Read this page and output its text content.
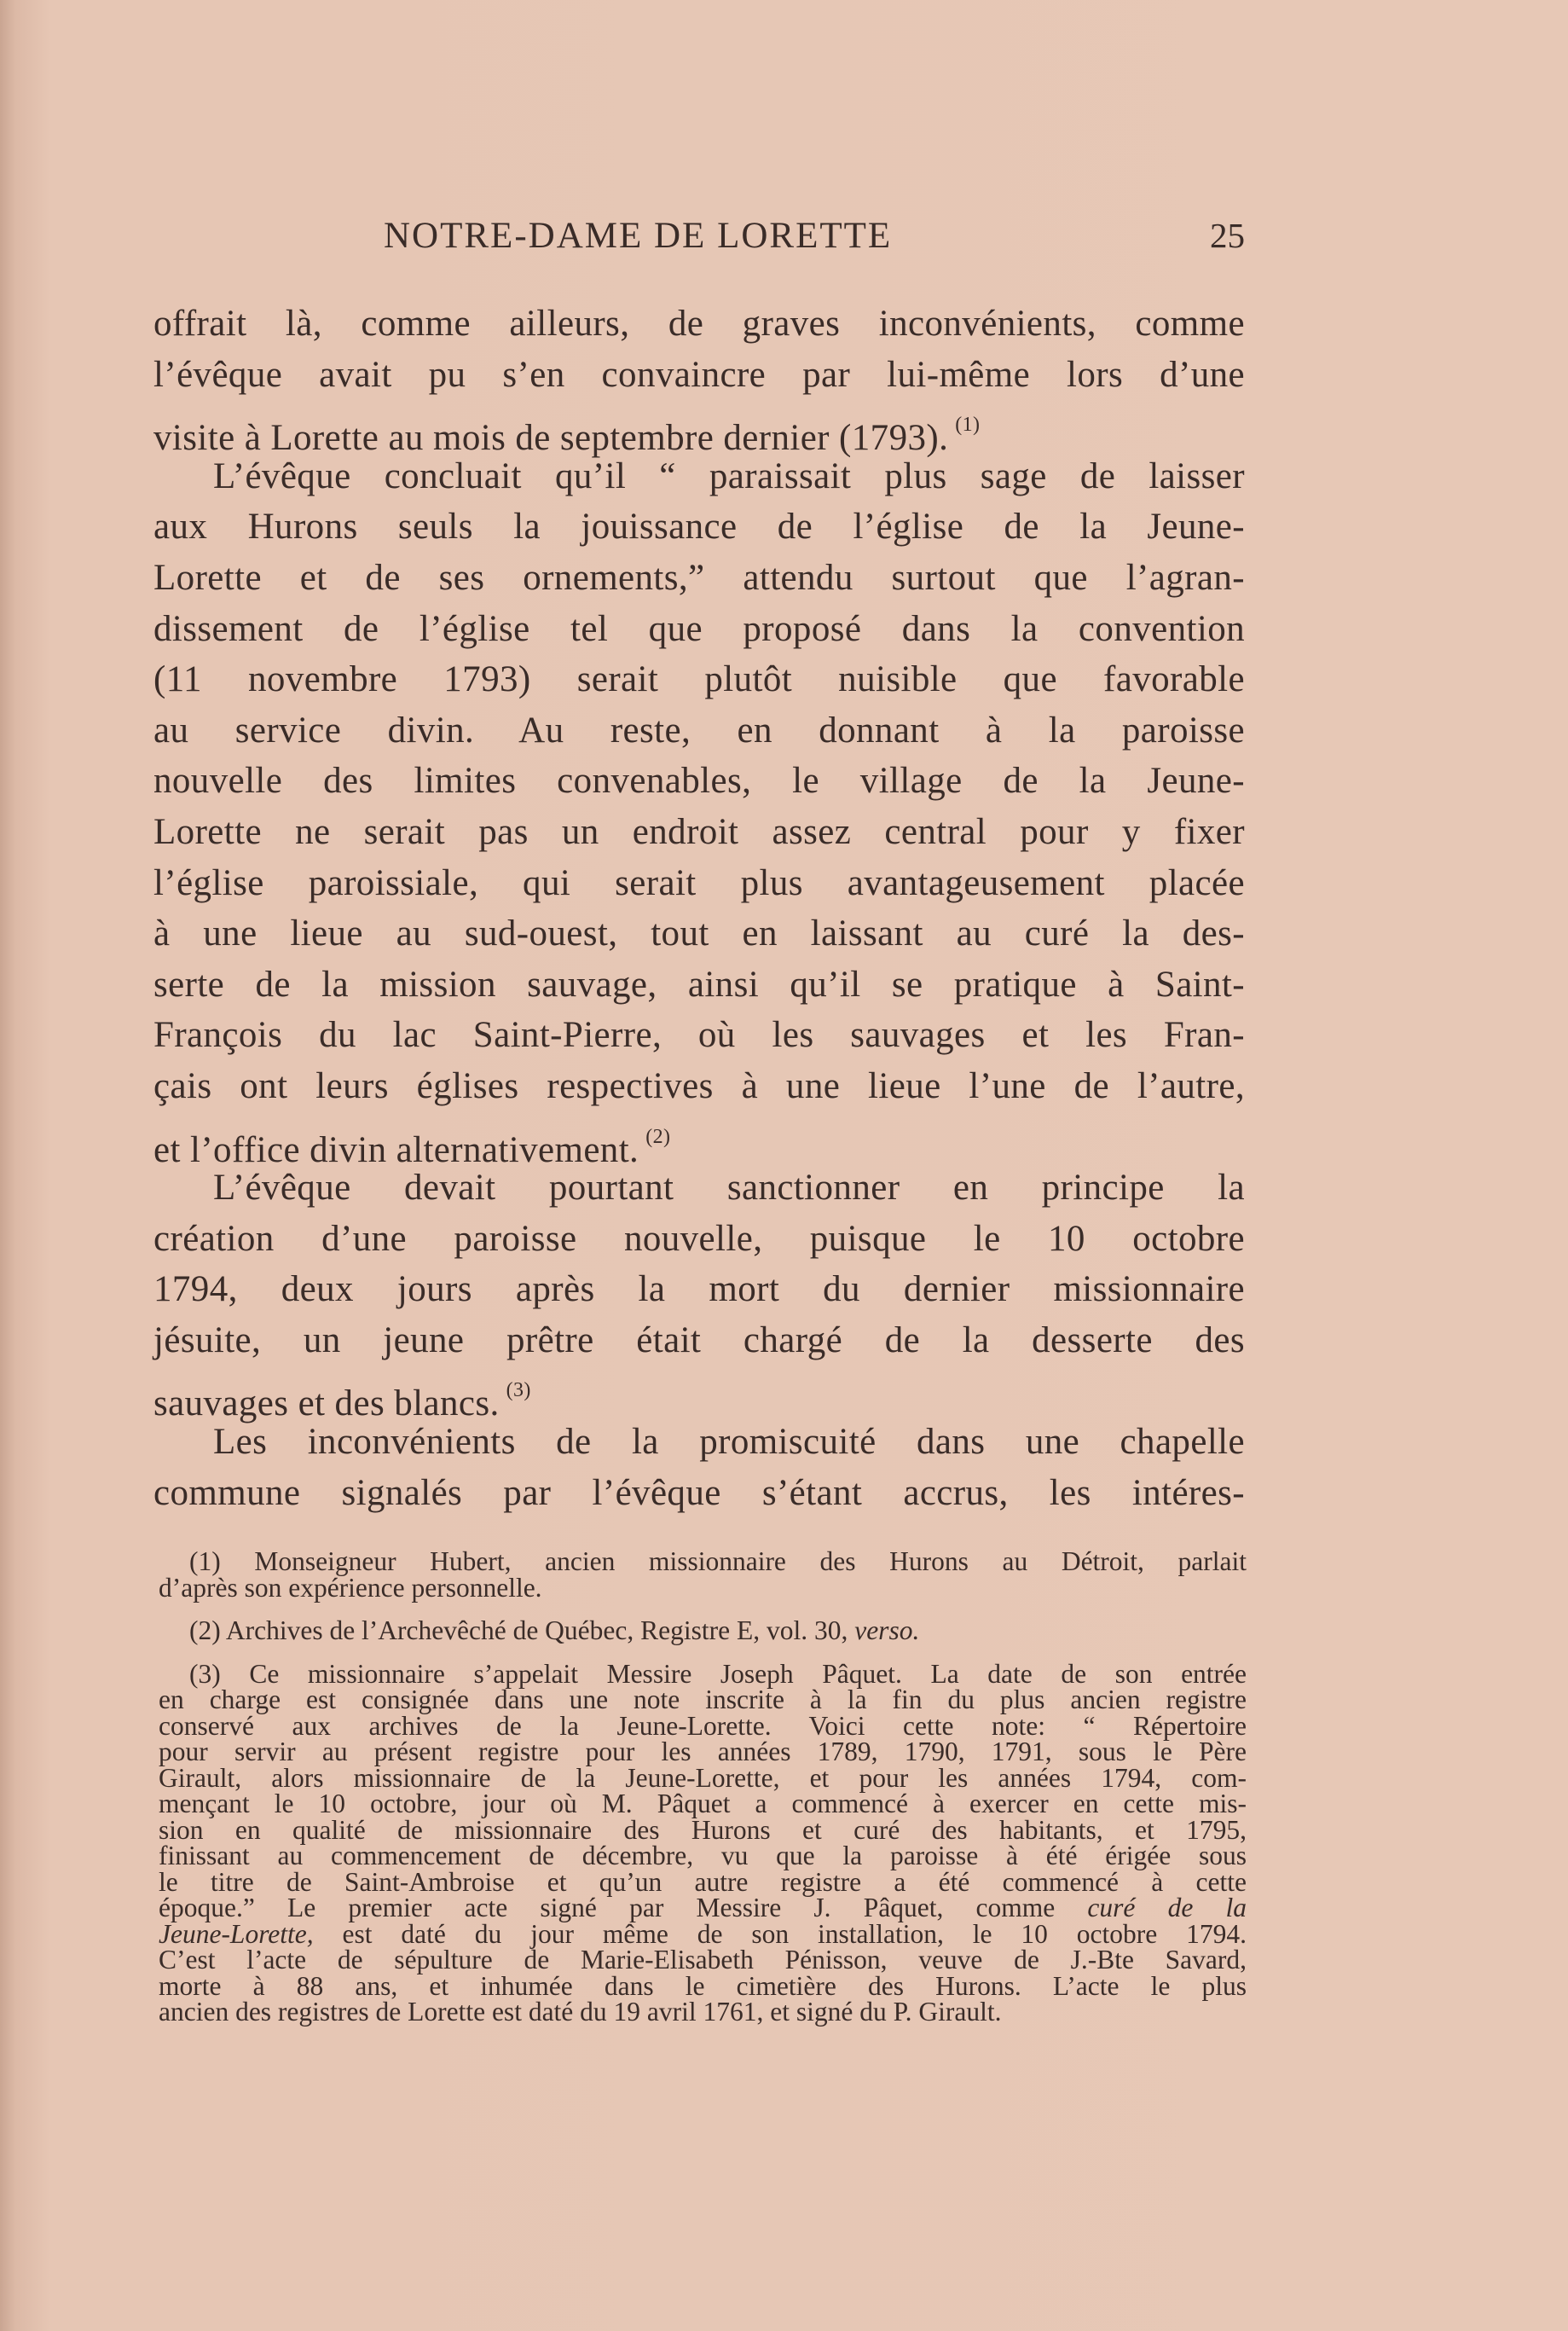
NOTRE-DAME DE LORETTE	25
offrait là, comme ailleurs, de graves inconvénients, comme
l’évêque avait pu s’en convaincre par lui-même lors d’une
visite à Lorette au mois de septembre dernier (1793). $^{(1)}$
L’évêque concluait qu’il “ paraissait plus sage de laisser
aux Hurons seuls la jouissance de l’église de la Jeune-
Lorette et de ses ornements,” attendu surtout que l’agran-
dissement de l’église tel que proposé dans la convention
(11 novembre 1793) serait plutôt nuisible que favorable
au service divin. Au reste, en donnant à la paroisse
nouvelle des limites convenables, le village de la Jeune-
Lorette ne serait pas un endroit assez central pour y fixer
l’église paroissiale, qui serait plus avantageusement placée
à une lieue au sud-ouest, tout en laissant au curé la des-
serte de la mission sauvage, ainsi qu’il se pratique à Saint-
François du lac Saint-Pierre, où les sauvages et les Fran-
çais ont leurs églises respectives à une lieue l’une de l’autre,
et l’office divin alternativement. $^{(2)}$
L’évêque devait pourtant sanctionner en principe la
création d’une paroisse nouvelle, puisque le 10 octobre
1794, deux jours après la mort du dernier missionnaire
jésuite, un jeune prêtre était chargé de la desserte des
sauvages et des blancs. $^{(3)}$
Les inconvénients de la promiscuité dans une chapelle
commune signalés par l’évêque s’étant accrus, les intéres-
(1) Monseigneur Hubert, ancien missionnaire des Hurons au Détroit, parlait
d’après son expérience personnelle.
(2) Archives de l’Archevêché de Québec, Registre E, vol. 30, verso.
(3) Ce missionnaire s’appelait Messire Joseph Pâquet. La date de son entrée
en charge est consignée dans une note inscrite à la fin du plus ancien registre
conservé aux archives de la Jeune-Lorette. Voici cette note: “ Répertoire
pour servir au présent registre pour les années 1789, 1790, 1791, sous le Père
Girault, alors missionnaire de la Jeune-Lorette, et pour les années 1794, com-
mençant le 10 octobre, jour où M. Pâquet a commencé à exercer en cette mis-
sion en qualité de missionnaire des Hurons et curé des habitants, et 1795,
finissant au commencement de décembre, vu que la paroisse à été érigée sous
le titre de Saint-Ambroise et qu’un autre registre a été commencé à cette
époque.” Le premier acte signé par Messire J. Pâquet, comme curé de la
Jeune-Lorette, est daté du jour même de son installation, le 10 octobre 1794.
C’est l’acte de sépulture de Marie-Elisabeth Pénisson, veuve de J.-Bte Savard,
morte à 88 ans, et inhumée dans le cimetière des Hurons. L’acte le plus
ancien des registres de Lorette est daté du 19 avril 1761, et signé du P. Girault.
